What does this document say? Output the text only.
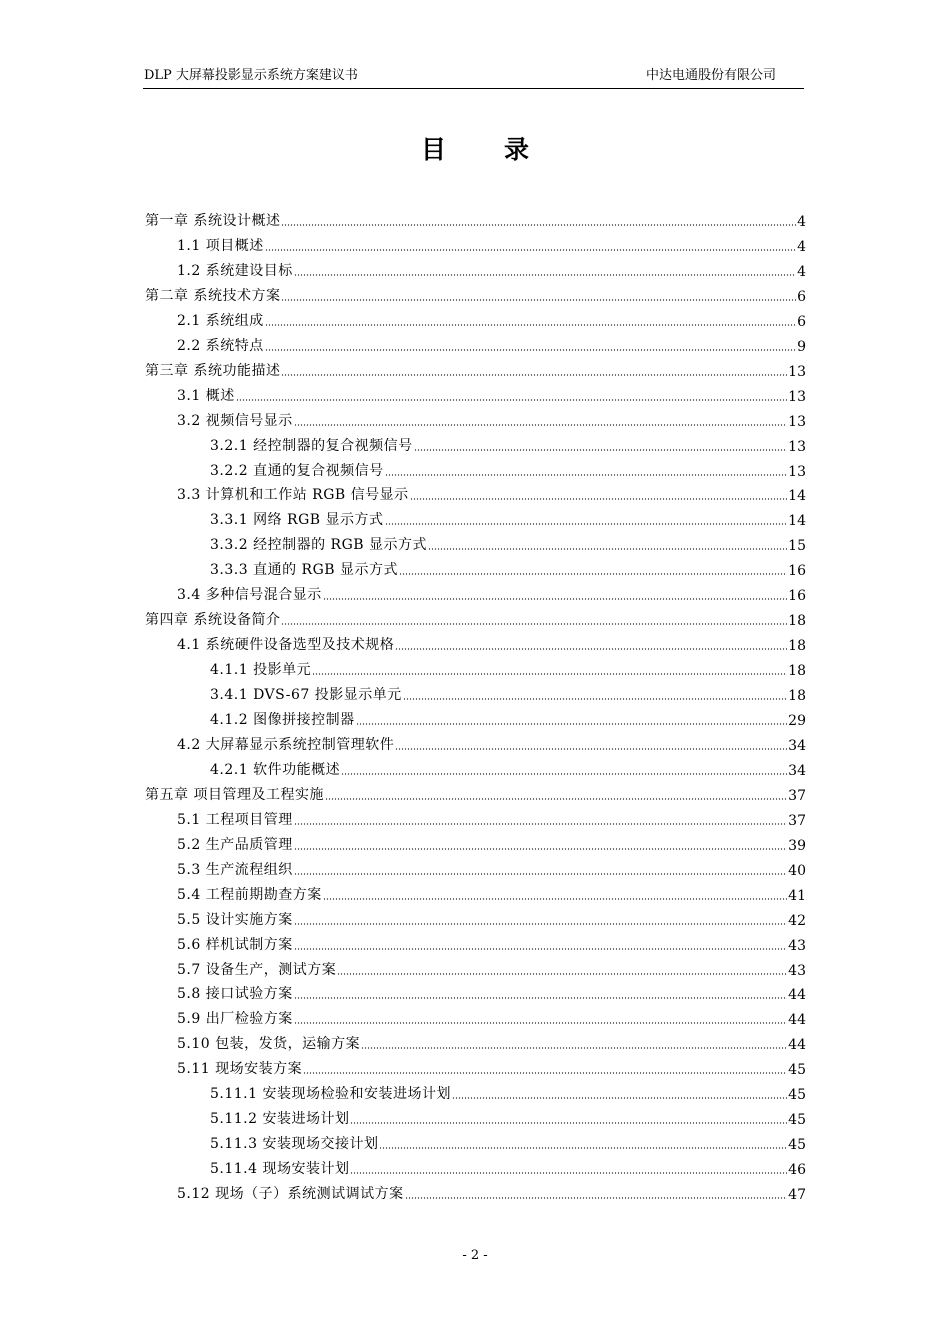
DLP 大屏幕投影显示系统方案建议书	中达电通股份有限公司
目录
第一章 系统设计概述	4
1.1 项目概述	4
1.2 系统建设目标	4
第二章 系统技术方案	6
2.1 系统组成	6
2.2 系统特点	9
第三章 系统功能描述	13
3.1 概述	13
3.2 视频信号显示	13
3.2.1 经控制器的复合视频信号	13
3.2.2 直通的复合视频信号	13
3.3 计算机和工作站 RGB 信号显示	14
3.3.1 网络 RGB 显示方式	14
3.3.2 经控制器的 RGB 显示方式	15
3.3.3 直通的 RGB 显示方式	16
3.4 多种信号混合显示	16
第四章 系统设备简介	18
4.1 系统硬件设备选型及技术规格	18
4.1.1 投影单元	18
3.4.1 DVS-67 投影显示单元	18
4.1.2 图像拼接控制器	29
4.2 大屏幕显示系统控制管理软件	34
4.2.1 软件功能概述	34
第五章 项目管理及工程实施	37
5.1 工程项目管理	37
5.2 生产品质管理	39
5.3 生产流程组织	40
5.4 工程前期勘查方案	41
5.5 设计实施方案	42
5.6 样机试制方案	43
5.7 设备生产，测试方案	43
5.8 接口试验方案	44
5.9 出厂检验方案	44
5.10 包装，发货，运输方案	44
5.11 现场安装方案	45
5.11.1 安装现场检验和安装进场计划	45
5.11.2 安装进场计划	45
5.11.3 安装现场交接计划	45
5.11.4 现场安装计划	46
5.12 现场（子）系统测试调试方案	47
- 2 -
